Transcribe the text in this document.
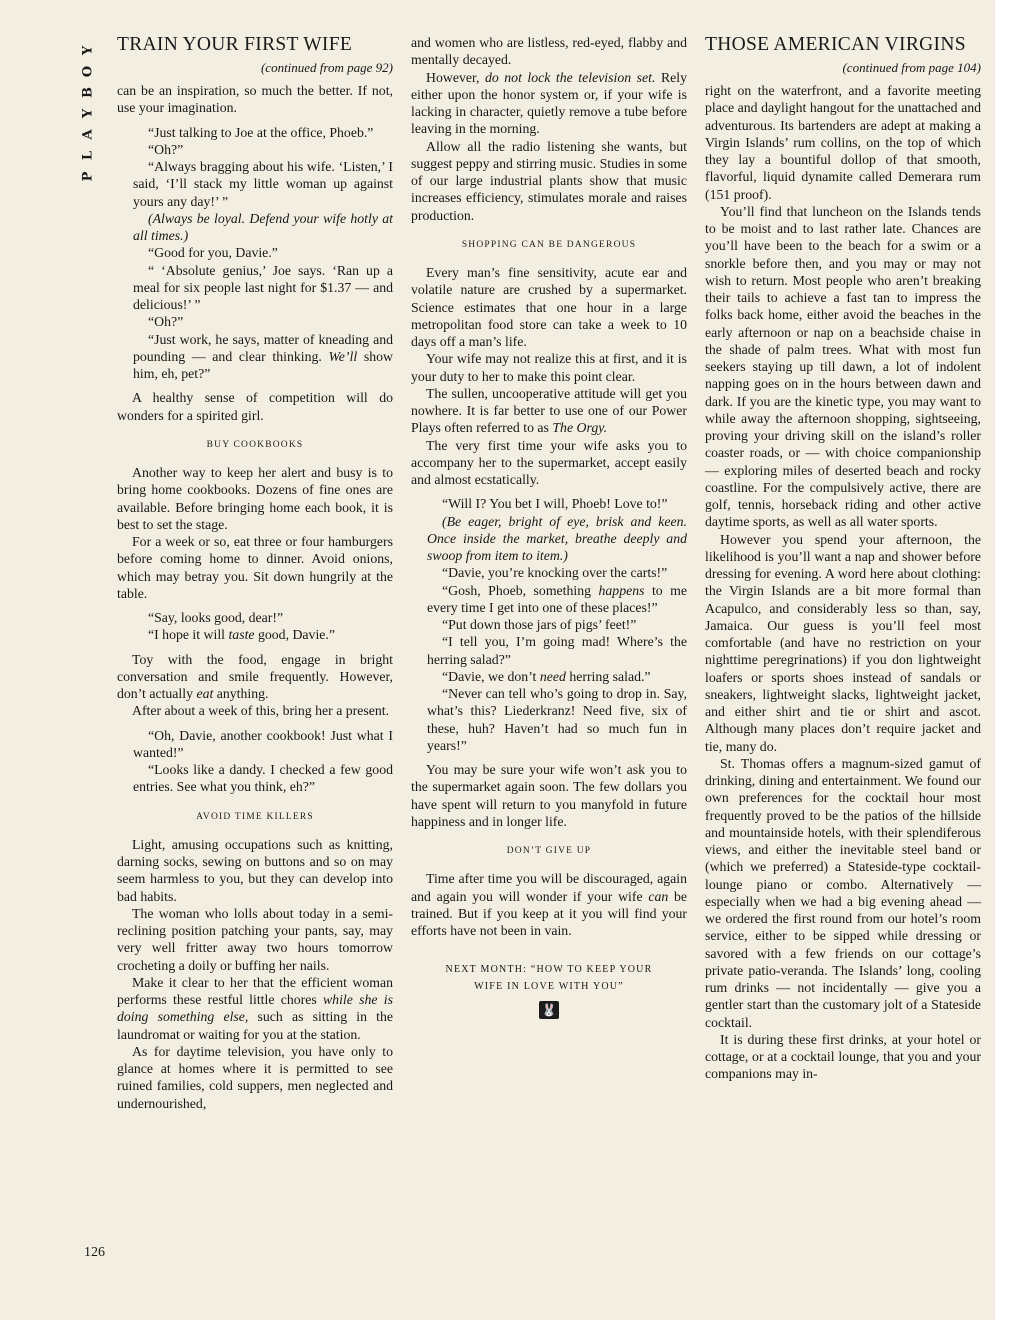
Y
O
B
Y
A
L
P
TRAIN YOUR FIRST WIFE
(continued from page 92)

can be an inspiration, so much the better. If not, use your imagination.

“Just talking to Joe at the office, Phoeb.”

“Oh?”

“Always bragging about his wife. ‘Listen,’ I said, ‘I’ll stack my little woman up against yours any day!’ ”

(Always be loyal. Defend your wife hotly at all times.)

“Good for you, Davie.”

“ ‘Absolute genius,’ Joe says. ‘Ran up a meal for six people last night for $1.37 — and delicious!’ ”

“Oh?”

“Just work, he says, matter of kneading and pounding — and clear thinking. We’ll show him, eh, pet?”

A healthy sense of competition will do wonders for a spirited girl.

BUY COOKBOOKS

Another way to keep her alert and busy is to bring home cookbooks. Dozens of fine ones are available. Before bringing home each book, it is best to set the stage.

For a week or so, eat three or four hamburgers before coming home to dinner. Avoid onions, which may betray you. Sit down hungrily at the table.

“Say, looks good, dear!”

“I hope it will taste good, Davie.”

Toy with the food, engage in bright conversation and smile frequently. However, don’t actually eat anything.

After about a week of this, bring her a present.

“Oh, Davie, another cookbook! Just what I wanted!”

“Looks like a dandy. I checked a few good entries. See what you think, eh?”

AVOID TIME KILLERS

Light, amusing occupations such as knitting, darning socks, sewing on buttons and so on may seem harmless to you, but they can develop into bad habits.

The woman who lolls about today in a semi-reclining position patching your pants, say, may very well fritter away two hours tomorrow crocheting a doily or buffing her nails.

Make it clear to her that the efficient woman performs these restful little chores while she is doing something else, such as sitting in the laundromat or waiting for you at the station.

As for daytime television, you have only to glance at homes where it is permitted to see ruined families, cold suppers, men neglected and undernourished,

and women who are listless, red-eyed, flabby and mentally decayed.

However, do not lock the television set. Rely either upon the honor system or, if your wife is lacking in character, quietly remove a tube before leaving in the morning.

Allow all the radio listening she wants, but suggest peppy and stirring music. Studies in some of our large industrial plants show that music increases efficiency, stimulates morale and raises production.

SHOPPING CAN BE DANGEROUS

Every man’s fine sensitivity, acute ear and volatile nature are crushed by a supermarket. Science estimates that one hour in a large metropolitan food store can take a week to 10 days off a man’s life.

Your wife may not realize this at first, and it is your duty to her to make this point clear.

The sullen, uncooperative attitude will get you nowhere. It is far better to use one of our Power Plays often referred to as The Orgy.

The very first time your wife asks you to accompany her to the supermarket, accept easily and almost ecstatically.

“Will I? You bet I will, Phoeb! Love to!”

(Be eager, bright of eye, brisk and keen. Once inside the market, breathe deeply and swoop from item to item.)

“Davie, you’re knocking over the carts!”

“Gosh, Phoeb, something happens to me every time I get into one of these places!”

“Put down those jars of pigs’ feet!”

“I tell you, I’m going mad! Where’s the herring salad?”

“Davie, we don’t need herring salad.”

“Never can tell who’s going to drop in. Say, what’s this? Liederkranz! Need five, six of these, huh? Haven’t had so much fun in years!”

You may be sure your wife won’t ask you to the supermarket again soon. The few dollars you have spent will return to you manyfold in future happiness and in longer life.

DON’T GIVE UP

Time after time you will be discouraged, again and again you will wonder if your wife can be trained. But if you keep at it you will find your efforts have not been in vain.

NEXT MONTH: “HOW TO KEEP YOUR
WIFE IN LOVE WITH YOU”
🐰
THOSE AMERICAN VIRGINS
(continued from page 104)

right on the waterfront, and a favorite meeting place and daylight hangout for the unattached and adventurous. Its bartenders are adept at making a Virgin Islands’ rum collins, on the top of which they lay a bountiful dollop of that smooth, flavorful, liquid dynamite called Demerara rum (151 proof).

You’ll find that luncheon on the Islands tends to be moist and to last rather late. Chances are you’ll have been to the beach for a swim or a snorkle before then, and you may or may not wish to return. Most people who aren’t breaking their tails to achieve a fast tan to impress the folks back home, either avoid the beaches in the early afternoon or nap on a beachside chaise in the shade of palm trees. What with most fun seekers staying up till dawn, a lot of indolent napping goes on in the hours between dawn and dark. If you are the kinetic type, you may want to while away the afternoon shopping, sightseeing, proving your driving skill on the island’s roller coaster roads, or — with choice companionship — exploring miles of deserted beach and rocky coastline. For the compulsively active, there are golf, tennis, horseback riding and other active daytime sports, as well as all water sports.

However you spend your afternoon, the likelihood is you’ll want a nap and shower before dressing for evening. A word here about clothing: the Virgin Islands are a bit more formal than Acapulco, and considerably less so than, say, Jamaica. Our guess is you’ll feel most comfortable (and have no restriction on your nighttime peregrinations) if you don lightweight loafers or sports shoes instead of sandals or sneakers, lightweight slacks, lightweight jacket, and either shirt and tie or shirt and ascot. Although many places don’t require jacket and tie, many do.

St. Thomas offers a magnum-sized gamut of drinking, dining and entertainment. We found our own preferences for the cocktail hour most frequently proved to be the patios of the hillside and mountainside hotels, with their splendiferous views, and either the inevitable steel band or (which we preferred) a Stateside-type cocktail-lounge piano or combo. Alternatively — especially when we had a big evening ahead — we ordered the first round from our hotel’s room service, either to be sipped while dressing or savored with a few friends on our cottage’s private patio-veranda. The Islands’ long, cooling rum drinks — not incidentally — give you a gentler start than the customary jolt of a Stateside cocktail.

It is during these first drinks, at your hotel or cottage, or at a cocktail lounge, that you and your companions may in-

126
